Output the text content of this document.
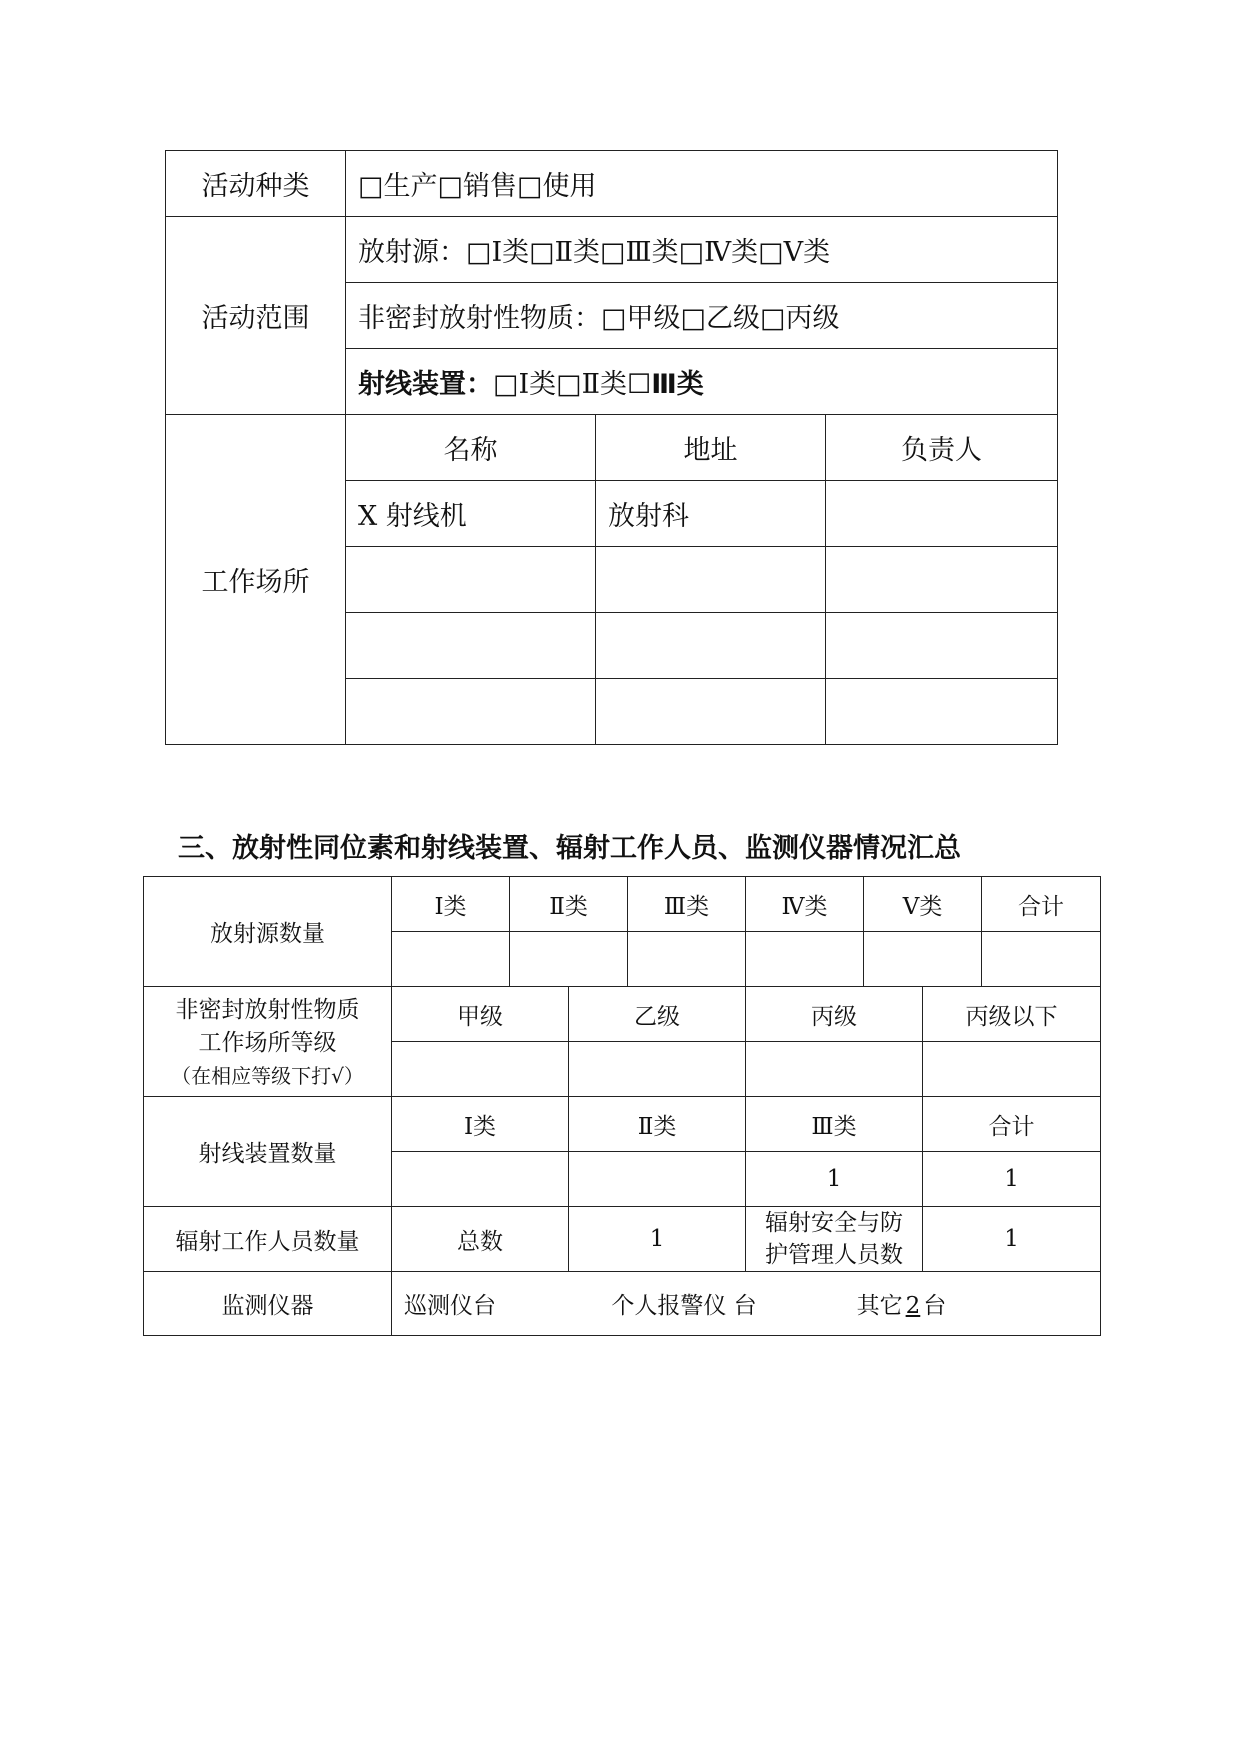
活动种类	□生产□销售□使用		
活动范围	放射源：□Ⅰ类□Ⅱ类□Ⅲ类□Ⅳ类□Ⅴ类		
	非密封放射性物质：□甲级□乙级□丙级		
	射线装置：□Ⅰ类□Ⅱ类☐Ⅲ类		
工作场所	名称	地址	负责人
	X 射线机	放射科	

三、放射性同位素和射线装置、辐射工作人员、监测仪器情况汇总
放射源数量	Ⅰ类	Ⅱ类		Ⅲ类	Ⅳ类	Ⅴ类		合计

非密封放射性物质
工作场所等级
（在相应等级下打√）	甲级		乙级		丙级		丙级以下	

射线装置数量	Ⅰ类		Ⅱ类		Ⅲ类		合计	
					1		1	
辐射工作人员数量	总数		1		辐射安全与防
护管理人员数		1	
监测仪器	巡测仪台 个人报警仪 台 其它 2 台							
